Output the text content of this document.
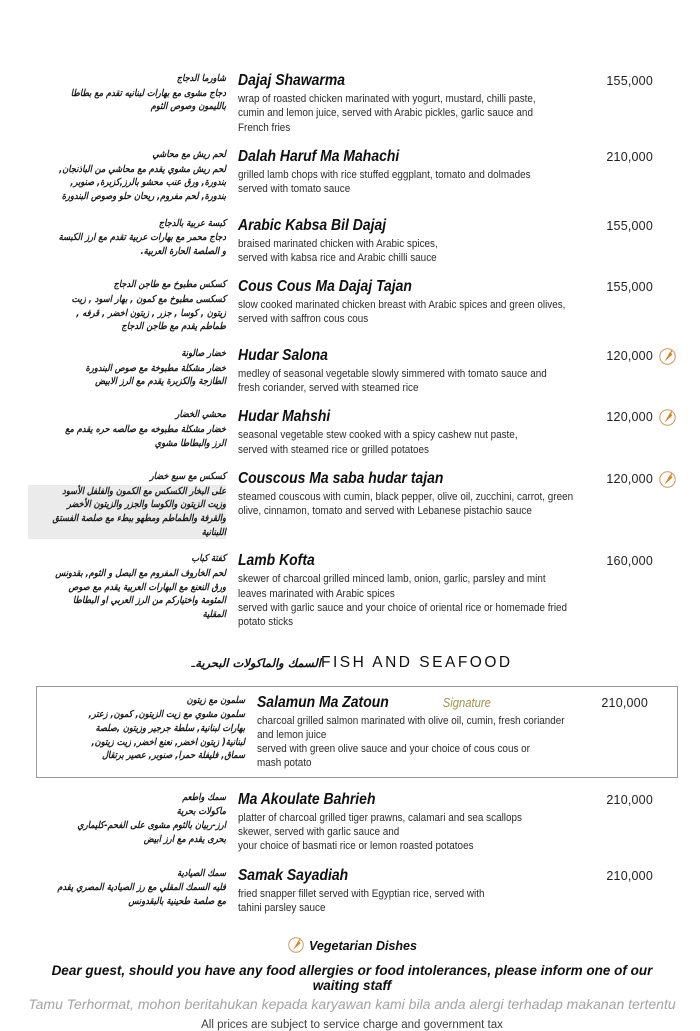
شاورما الدجاج
دجاج مشوى مع بهارات لبنانيه تقدم مع بطاطا
بالليمون وصوص الثوم
Dajaj Shawarma
wrap of roasted chicken marinated with yogurt, mustard, chilli paste,
cumin and lemon juice, served with Arabic pickles, garlic sauce and
French fries
155,000
لحم ريش مع محاشي
لحم ريش مشوي يقدم مع محاشي من الباذنجان,
بندورة, ورق عنب محشو بالرز,كزبرة, صنوبر,
بندورة, لحم مفروم, ريحان حلو وصوص البندورة
Dalah Haruf Ma Mahachi
grilled lamb chops with rice stuffed eggplant, tomato and dolmades
served with tomato sauce
210,000
كبسة عربية بالدجاج
دجاج محمر مع بهارات عربية تقدم مع ارز الكبسة
و الصلصة الحارة العربية.
Arabic Kabsa Bil Dajaj
braised marinated chicken with Arabic spices,
served with kabsa rice and Arabic chilli sauce
155,000
كسكس مطبوخ مع طاجن الدجاج
كسكسى مطبوخ مع كمون , بهار اسود , زيت
زيتون , كوسا , جزر , زيتون اخضر , قرفه ,
طماطم يقدم مع طاجن الدجاج
Cous Cous Ma Dajaj Tajan
slow cooked marinated chicken breast with Arabic spices and green olives,
served with saffron cous cous
155,000
خضار صالونة
خضار مشكلة مطبوخة مع صوص البندورة
الطازجة والكزبرة يقدم مع الرز الابيض
Hudar Salona
medley of seasonal vegetable slowly simmered with tomato sauce and
fresh coriander, served with steamed rice
120,000
محشي الخضار
خضار مشكلة مطبوخه مع صالصه حره يقدم مع
الرز والبطاطا مشوي
Hudar Mahshi
seasonal vegetable stew cooked with a spicy cashew nut paste,
served with steamed rice or grilled potatoes
120,000
كسكس مع سبع خضار
على البخار الكسكس مع الكمون والفلفل الأسود
وزيت الزيتون والكوسا والجزر والزيتون الأخضر
والقرفة والطماطم ومطهو ببطء مع صلصة الفستق
اللبنانية
Couscous Ma saba hudar tajan
steamed couscous with cumin, black pepper, olive oil, zucchini, carrot, green
olive, cinnamon, tomato and served with Lebanese pistachio sauce
120,000
كفتة كباب
لحم الخاروف المفروم مع البصل و الثوم, بقدونس
ورق النعنع مع البهارات العربية يقدم مع صوص
المثومة واختياركم من الرز العربي او البطاطا
المقلية
Lamb Kofta
skewer of charcoal grilled minced lamb, onion, garlic, parsley and mint
leaves marinated with Arabic spices
served with garlic sauce and your choice of oriental rice or homemade fried
potato sticks
160,000
السمك والماكولات البحريةـ	FISH AND SEAFOOD
سلمون مع زيتون
سلمون مشوي مع زيت الزيتون, كمون, زعتر,
بهارات لبنانية, سلطة جرجير وزيتون ,صلصة
لبنانية( زيتون اخضر, نعنع اخضر, زيت زيتون,
سماق, فليفلة حمرا, صنوبر, عصير برتقال
Salamun Ma Zatoun	Signature
charcoal grilled salmon marinated with olive oil, cumin, fresh coriander
and lemon juice
served with green olive sauce and your choice of cous cous or
mash potato
210,000
سمك واطعم
ماكولات بحرية
ارز-ربيان بالثوم مشوى على الفحم-كليماري
بحرى يقدم مع ارز ابيض
Ma Akoulate Bahrieh
platter of charcoal grilled tiger prawns, calamari and sea scallops
skewer, served with garlic sauce and
your choice of basmati rice or lemon roasted potatoes
210,000
سمك الصيادية
فليه السمك المقلي مع رز الصيادية المصري يقدم
مع صلصة طحينية بالبقدونس
Samak Sayadiah
fried snapper fillet served with Egyptian rice, served with
tahini parsley sauce
210,000
Vegetarian Dishes
Dear guest, should you have any food allergies or food intolerances, please inform one of our waiting staff
Tamu Terhormat, mohon beritahukan kepada karyawan kami bila anda alergi terhadap makanan tertentu
All prices are subject to service charge and government tax
